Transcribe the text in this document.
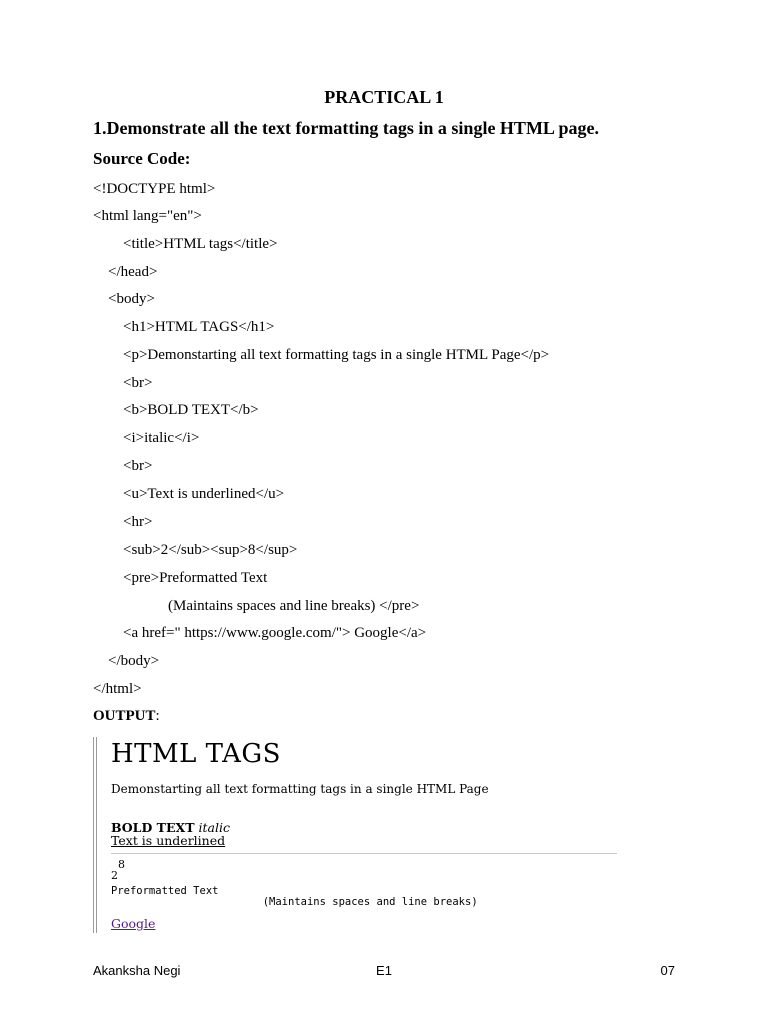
PRACTICAL 1
1.Demonstrate all the text formatting tags in a single HTML page.
Source Code:
<!DOCTYPE html>
<html lang="en">
<title>HTML tags</title>
</head>
<body>
<h1>HTML TAGS</h1>
<p>Demonstarting all text formatting tags in a single HTML Page</p>
<br>
<b>BOLD TEXT</b>
<i>italic</i>
<br>
<u>Text is underlined</u>
<hr>
<sub>2</sub><sup>8</sup>
<pre>Preformatted Text
(Maintains spaces and line breaks) </pre>
<a href=" https://www.google.com/"> Google</a>
</body>
</html>
OUTPUT:
HTML TAGS
Demonstarting all text formatting tags in a single HTML Page
BOLD TEXT italic
Text is underlined
28
Preformatted Text
(Maintains spaces and line breaks)
Google
Akanksha Negi	E1	07
